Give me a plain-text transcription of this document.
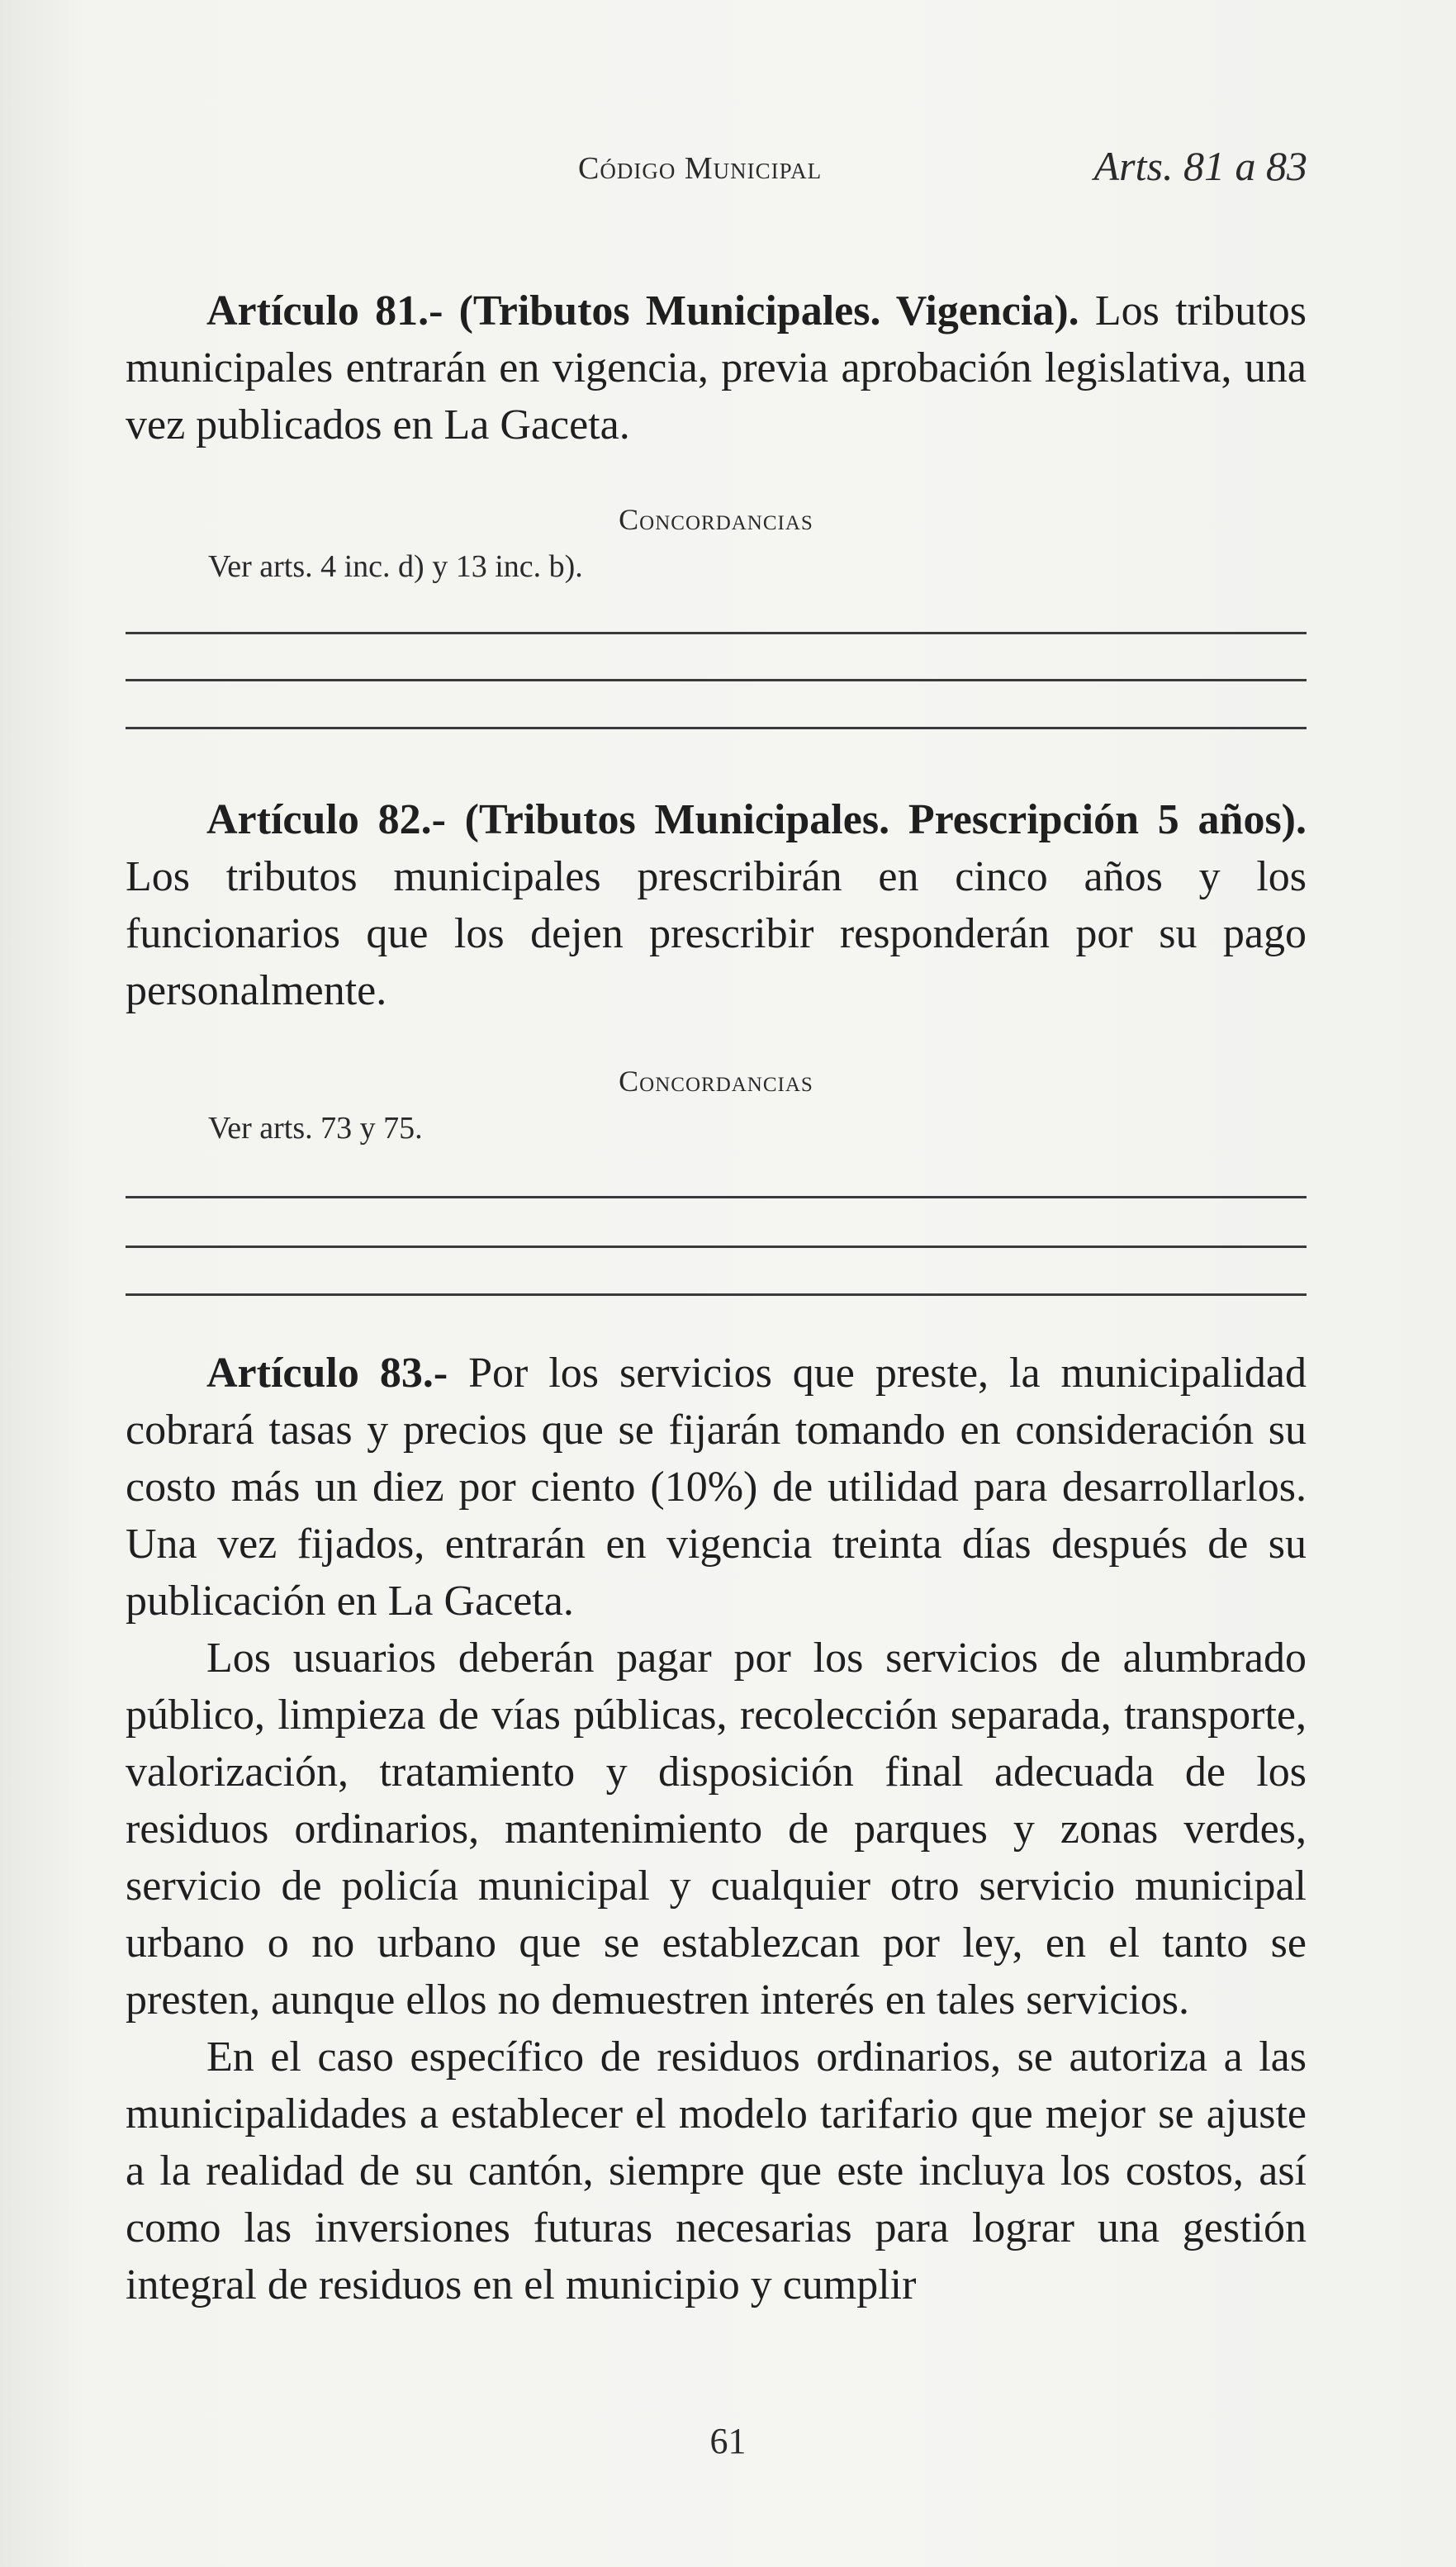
Código Municipal	Arts. 81 a 83

Artículo 81.- (Tributos Municipales. Vigencia). Los tributos municipales entrarán en vigencia, previa aprobación legislativa, una vez publicados en La Gaceta.

Concordancias

Ver arts. 4 inc. d) y 13 inc. b).

Artículo 82.- (Tributos Municipales. Prescripción 5 años). Los tributos municipales prescribirán en cinco años y los funcionarios que los dejen prescribir responderán por su pago personalmente.

Concordancias

Ver arts. 73 y 75.

Artículo 83.- Por los servicios que preste, la municipalidad cobrará tasas y precios que se fijarán tomando en consideración su costo más un diez por ciento (10%) de utilidad para desarrollarlos. Una vez fijados, entrarán en vigencia treinta días después de su publicación en La Gaceta.

Los usuarios deberán pagar por los servicios de alumbrado público, limpieza de vías públicas, recolección separada, transporte, valorización, tratamiento y disposición final adecuada de los residuos ordinarios, mantenimiento de parques y zonas verdes, servicio de policía municipal y cualquier otro servicio municipal urbano o no urbano que se establezcan por ley, en el tanto se presten, aunque ellos no demuestren interés en tales servicios.

En el caso específico de residuos ordinarios, se autoriza a las municipalidades a establecer el modelo tarifario que mejor se ajuste a la realidad de su cantón, siempre que este incluya los costos, así como las inversiones futuras necesarias para lograr una gestión integral de residuos en el municipio y cumplir

61
